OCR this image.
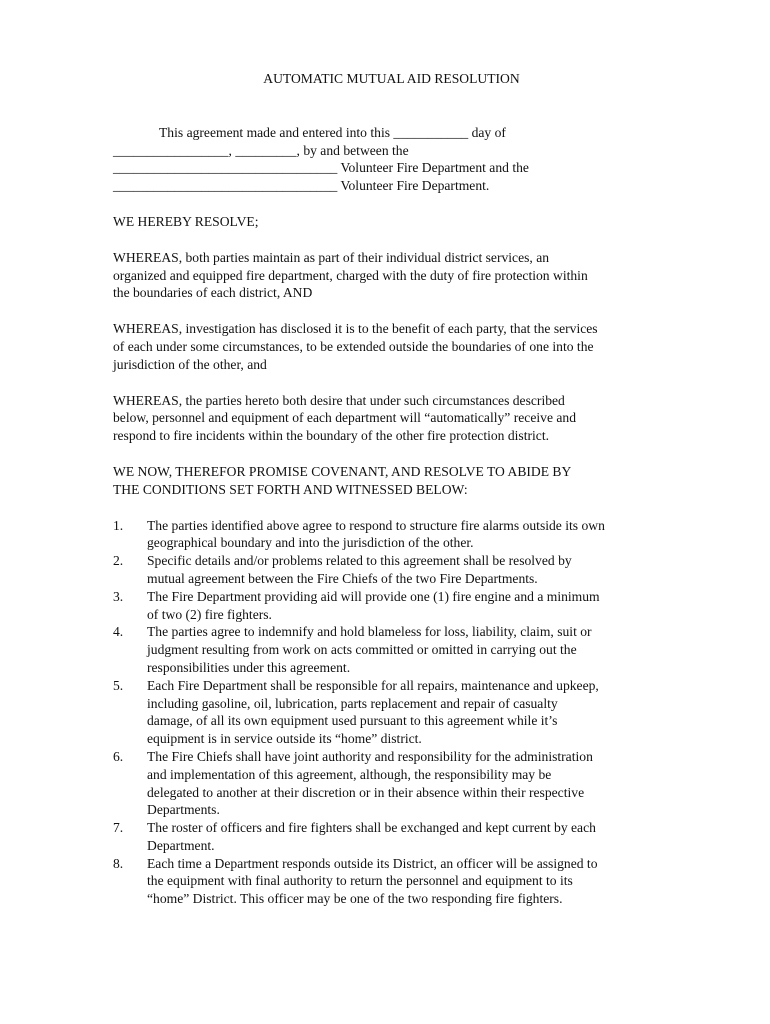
AUTOMATIC MUTUAL AID RESOLUTION
This agreement made and entered into this ___________ day of
_________________, _________, by and between the
_________________________________ Volunteer Fire Department and the
_________________________________ Volunteer Fire Department.
WE HEREBY RESOLVE;
WHEREAS, both parties maintain as part of their individual district services, an
organized and equipped fire department, charged with the duty of fire protection within
the boundaries of each district, AND
WHEREAS, investigation has disclosed it is to the benefit of each party, that the services
of each under some circumstances, to be extended outside the boundaries of one into the
jurisdiction of the other, and
WHEREAS, the parties hereto both desire that under such circumstances described
below, personnel and equipment of each department will “automatically” receive and
respond to fire incidents within the boundary of the other fire protection district.
WE NOW, THEREFOR PROMISE COVENANT, AND RESOLVE TO ABIDE BY
THE CONDITIONS SET FORTH AND WITNESSED BELOW:
1. The parties identified above agree to respond to structure fire alarms outside its own
geographical boundary and into the jurisdiction of the other.
2. Specific details and/or problems related to this agreement shall be resolved by
mutual agreement between the Fire Chiefs of the two Fire Departments.
3. The Fire Department providing aid will provide one (1) fire engine and a minimum
of two (2) fire fighters.
4. The parties agree to indemnify and hold blameless for loss, liability, claim, suit or
judgment resulting from work on acts committed or omitted in carrying out the
responsibilities under this agreement.
5. Each Fire Department shall be responsible for all repairs, maintenance and upkeep,
including gasoline, oil, lubrication, parts replacement and repair of casualty
damage, of all its own equipment used pursuant to this agreement while it’s
equipment is in service outside its “home” district.
6. The Fire Chiefs shall have joint authority and responsibility for the administration
and implementation of this agreement, although, the responsibility may be
delegated to another at their discretion or in their absence within their respective
Departments.
7. The roster of officers and fire fighters shall be exchanged and kept current by each
Department.
8. Each time a Department responds outside its District, an officer will be assigned to
the equipment with final authority to return the personnel and equipment to its
“home” District. This officer may be one of the two responding fire fighters.
